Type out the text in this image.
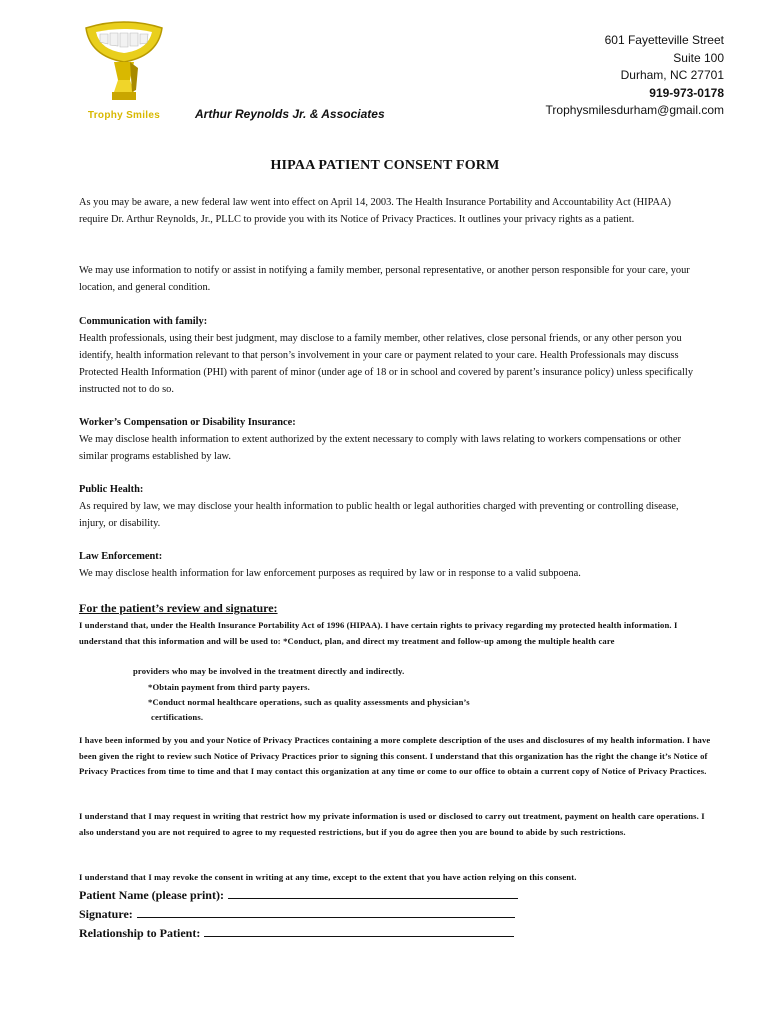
Trophy Smiles	Arthur Reynolds Jr. & Associates
601 Fayetteville Street
Suite 100
Durham, NC 27701
919-973-0178
Trophysmilesdurham@gmail.com
HIPAA PATIENT CONSENT FORM

As you may be aware, a new federal law went into effect on April 14, 2003. The Health Insurance Portability and Accountability Act (HIPAA) require Dr. Arthur Reynolds, Jr., PLLC to provide you with its Notice of Privacy Practices. It outlines your privacy rights as a patient.

We may use information to notify or assist in notifying a family member, personal representative, or another person responsible for your care, your location, and general condition.

Communication with family:
Health professionals, using their best judgment, may disclose to a family member, other relatives, close personal friends, or any other person you identify, health information relevant to that person’s involvement in your care or payment related to your care. Health Professionals may discuss Protected Health Information (PHI) with parent of minor (under age of 18 or in school and covered by parent’s insurance policy) unless specifically instructed not to do so.
Worker’s Compensation or Disability Insurance:
We may disclose health information to extent authorized by the extent necessary to comply with laws relating to workers compensations or other similar programs established by law.
Public Health:
As required by law, we may disclose your health information to public health or legal authorities charged with preventing or controlling disease, injury, or disability.
Law Enforcement:
We may disclose health information for law enforcement purposes as required by law or in response to a valid subpoena.
For the patient’s review and signature:

I understand that, under the Health Insurance Portability Act of 1996 (HIPAA). I have certain rights to privacy regarding my protected health information. I understand that this information and will be used to: *Conduct, plan, and direct my treatment and follow-up among the multiple health care

providers who may be involved in the treatment directly and indirectly.

*Obtain payment from third party payers.

*Conduct normal healthcare operations, such as quality assessments and physician’s

certifications.

I have been informed by you and your Notice of Privacy Practices containing a more complete description of the uses and disclosures of my health information. I have been given the right to review such Notice of Privacy Practices prior to signing this consent. I understand that this organization has the right the change it’s Notice of Privacy Practices from time to time and that I may contact this organization at any time or come to our office to obtain a current copy of Notice of Privacy Practices.

I understand that I may request in writing that restrict how my private information is used or disclosed to carry out treatment, payment on health care operations. I also understand you are not required to agree to my requested restrictions, but if you do agree then you are bound to abide by such restrictions.

I understand that I may revoke the consent in writing at any time, except to the extent that you have action relying on this consent.

Patient Name (please print):
Signature:
Relationship to Patient:
